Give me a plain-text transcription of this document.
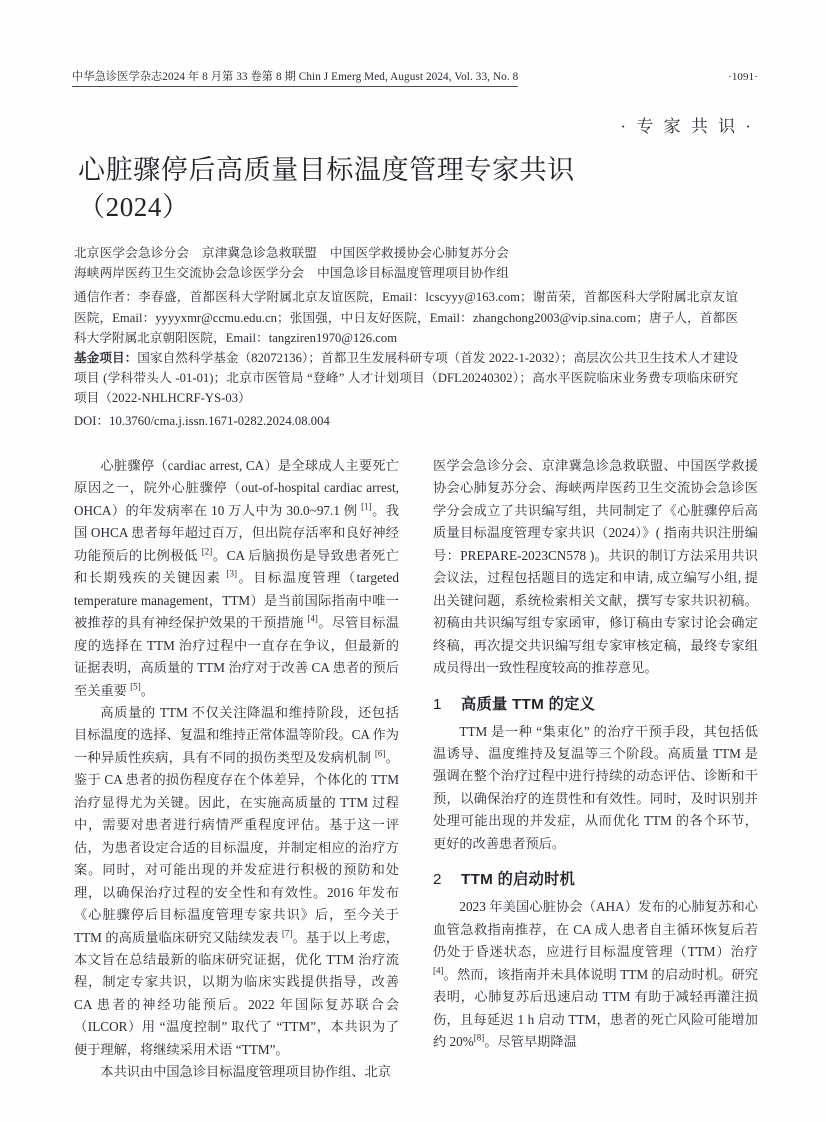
中华急诊医学杂志2024 年 8 月第 33 卷第 8 期 Chin J Emerg Med, August 2024, Vol. 33, No. 8	·1091·
· 专 家 共 识 ·
心脏骤停后高质量目标温度管理专家共识
（2024）
北京医学会急诊分会　京津冀急诊急救联盟　中国医学救援协会心肺复苏分会
海峡两岸医药卫生交流协会急诊医学分会　中国急诊目标温度管理项目协作组

通信作者：李春盛，首都医科大学附属北京友谊医院，Email：lcscyyy@163.com；谢苗荣，首都医科大学附属北京友谊医院，Email：yyyyxmr@ccmu.edu.cn；张国强，中日友好医院，Email：zhangchong2003@vip.sina.com；唐子人，首都医科大学附属北京朝阳医院，Email：tangziren1970@126.com

基金项目：国家自然科学基金（82072136）；首都卫生发展科研专项（首发 2022-1-2032）；高层次公共卫生技术人才建设项目 (学科带头人 -01-01)；北京市医管局 “登峰” 人才计划项目（DFL20240302）；高水平医院临床业务费专项临床研究项目（2022-NHLHCRF-YS-03）

DOI：10.3760/cma.j.issn.1671-0282.2024.08.004

心脏骤停（cardiac arrest, CA）是全球成人主要死亡原因之一，院外心脏骤停（out-of-hospital cardiac arrest, OHCA）的年发病率在 10 万人中为 30.0~97.1 例 [1]。我国 OHCA 患者每年超过百万，但出院存活率和良好神经功能预后的比例极低 [2]。CA 后脑损伤是导致患者死亡和长期残疾的关键因素 [3]。目标温度管理（targeted temperature management，TTM）是当前国际指南中唯一被推荐的具有神经保护效果的干预措施 [4]。尽管目标温度的选择在 TTM 治疗过程中一直存在争议，但最新的证据表明，高质量的 TTM 治疗对于改善 CA 患者的预后至关重要 [5]。

高质量的 TTM 不仅关注降温和维持阶段，还包括目标温度的选择、复温和维持正常体温等阶段。CA 作为一种异质性疾病，具有不同的损伤类型及发病机制 [6]。鉴于 CA 患者的损伤程度存在个体差异，个体化的 TTM 治疗显得尤为关键。因此，在实施高质量的 TTM 过程中，需要对患者进行病情严重程度评估。基于这一评估，为患者设定合适的目标温度，并制定相应的治疗方案。同时，对可能出现的并发症进行积极的预防和处理，以确保治疗过程的安全性和有效性。2016 年发布《心脏骤停后目标温度管理专家共识》后，至今关于 TTM 的高质量临床研究又陆续发表 [7]。基于以上考虑，本文旨在总结最新的临床研究证据，优化 TTM 治疗流程，制定专家共识，以期为临床实践提供指导，改善 CA 患者的神经功能预后。2022 年国际复苏联合会（ILCOR）用 “温度控制” 取代了 “TTM”，本共识为了便于理解，将继续采用术语 “TTM”。

本共识由中国急诊目标温度管理项目协作组、北京

医学会急诊分会、京津冀急诊急救联盟、中国医学救援协会心肺复苏分会、海峡两岸医药卫生交流协会急诊医学分会成立了共识编写组，共同制定了《心脏骤停后高质量目标温度管理专家共识（2024）》( 指南共识注册编号：PREPARE-2023CN578 )。共识的制订方法采用共识会议法，过程包括题目的选定和申请, 成立编写小组, 提出关键问题，系统检索相关文献，撰写专家共识初稿。初稿由共识编写组专家函审，修订稿由专家讨论会确定终稿，再次提交共识编写组专家审核定稿，最终专家组成员得出一致性程度较高的推荐意见。

1 高质量 TTM 的定义

TTM 是一种 “集束化” 的治疗干预手段，其包括低温诱导、温度维持及复温等三个阶段。高质量 TTM 是强调在整个治疗过程中进行持续的动态评估、诊断和干预，以确保治疗的连贯性和有效性。同时，及时识别并处理可能出现的并发症，从而优化 TTM 的各个环节，更好的改善患者预后。

2 TTM 的启动时机

2023 年美国心脏协会（AHA）发布的心肺复苏和心血管急救指南推荐，在 CA 成人患者自主循环恢复后若仍处于昏迷状态，应进行目标温度管理（TTM）治疗[4]。然而，该指南并未具体说明 TTM 的启动时机。研究表明，心肺复苏后迅速启动 TTM 有助于减轻再灌注损伤，且每延迟 1 h 启动 TTM，患者的死亡风险可能增加约 20%[8]。尽管早期降温
